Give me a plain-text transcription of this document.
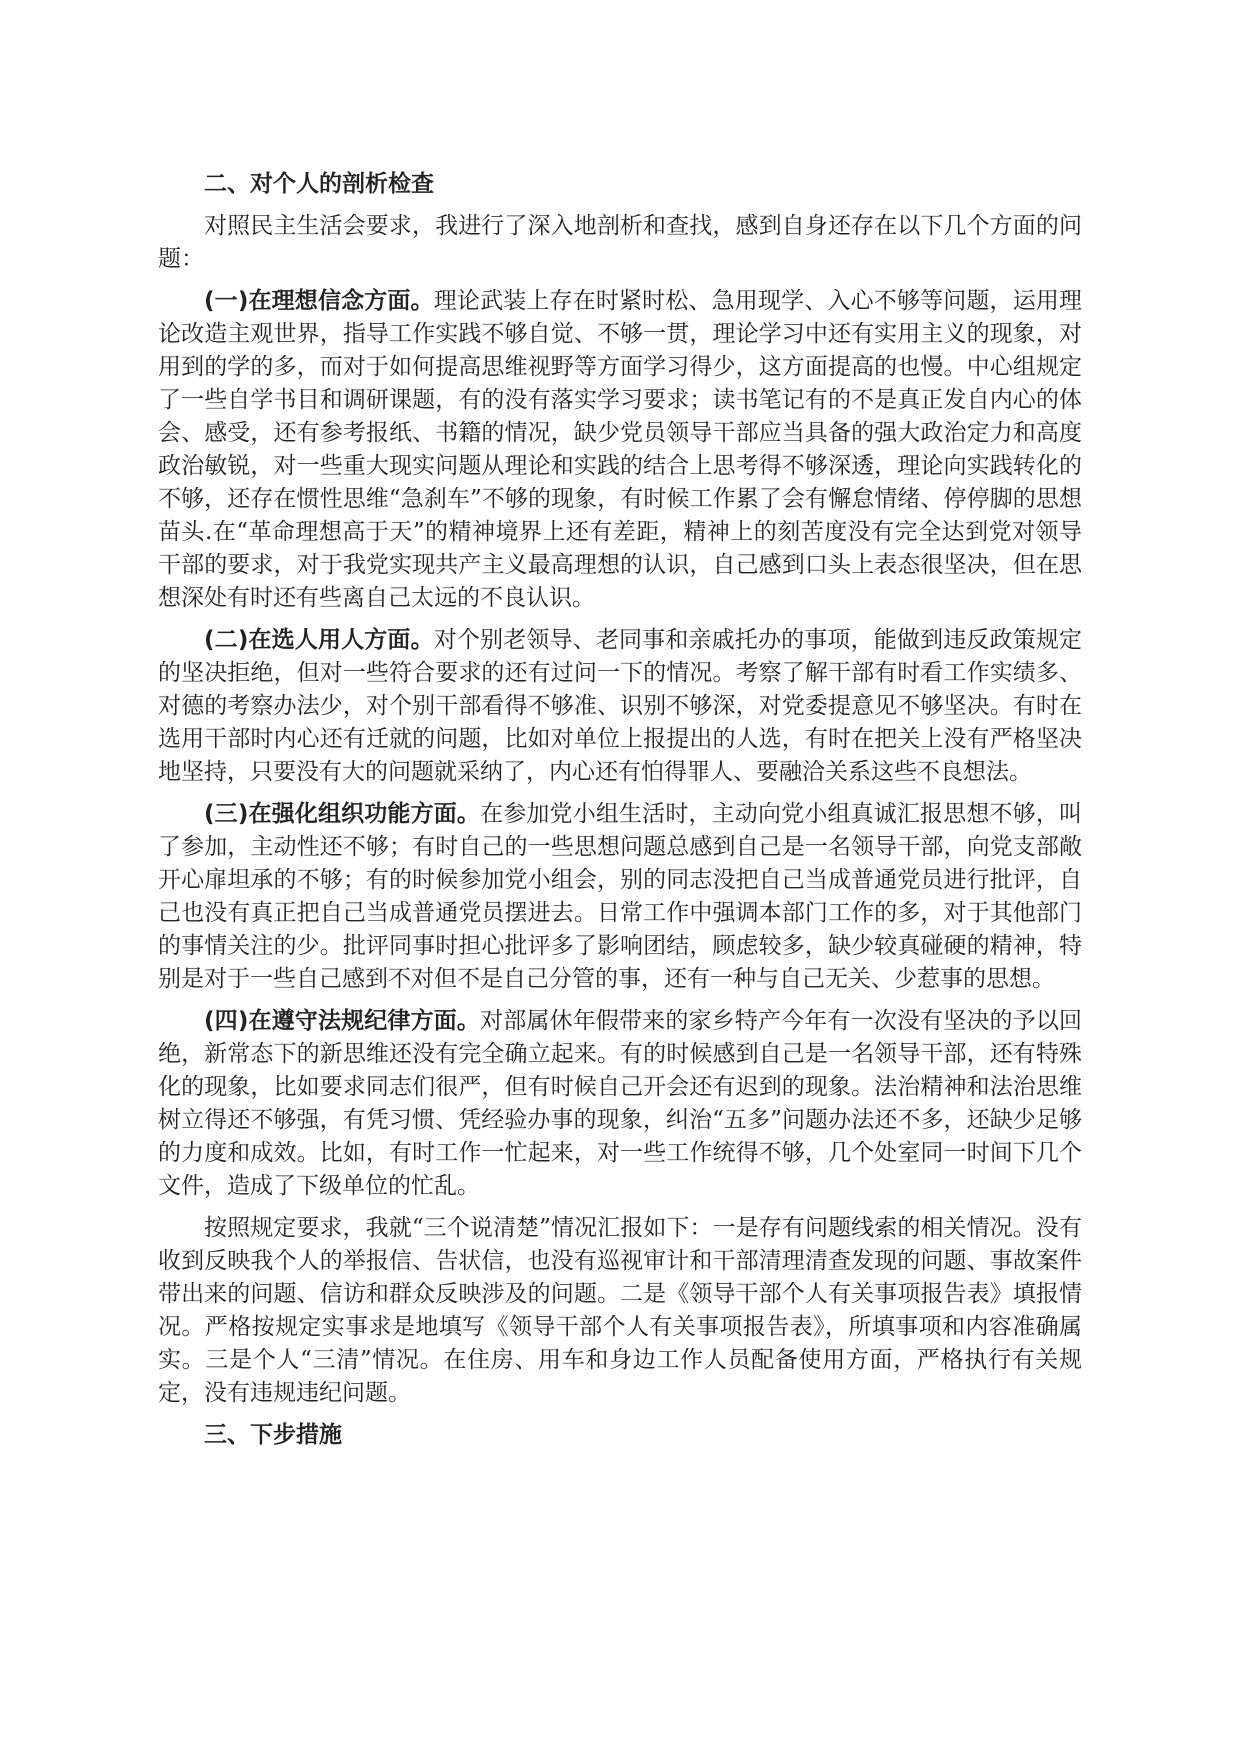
二、对个人的剖析检查

对照民主生活会要求，我进行了深入地剖析和查找，感到自身还存在以下几个方面的问题：

(一)在理想信念方面。理论武装上存在时紧时松、急用现学、入心不够等问题，运用理论改造主观世界，指导工作实践不够自觉、不够一贯，理论学习中还有实用主义的现象，对用到的学的多，而对于如何提高思维视野等方面学习得少，这方面提高的也慢。中心组规定了一些自学书目和调研课题，有的没有落实学习要求；读书笔记有的不是真正发自内心的体会、感受，还有参考报纸、书籍的情况，缺少党员领导干部应当具备的强大政治定力和高度政治敏锐，对一些重大现实问题从理论和实践的结合上思考得不够深透，理论向实践转化的不够，还存在惯性思维“急刹车”不够的现象，有时候工作累了会有懈怠情绪、停停脚的思想苗头.在“革命理想高于天”的精神境界上还有差距，精神上的刻苦度没有完全达到党对领导干部的要求，对于我党实现共产主义最高理想的认识，自己感到口头上表态很坚决，但在思想深处有时还有些离自己太远的不良认识。

(二)在选人用人方面。对个别老领导、老同事和亲戚托办的事项，能做到违反政策规定的坚决拒绝，但对一些符合要求的还有过问一下的情况。考察了解干部有时看工作实绩多、对德的考察办法少，对个别干部看得不够准、识别不够深，对党委提意见不够坚决。有时在选用干部时内心还有迁就的问题，比如对单位上报提出的人选，有时在把关上没有严格坚决地坚持，只要没有大的问题就采纳了，内心还有怕得罪人、要融洽关系这些不良想法。

(三)在强化组织功能方面。在参加党小组生活时，主动向党小组真诚汇报思想不够，叫了参加，主动性还不够；有时自己的一些思想问题总感到自己是一名领导干部，向党支部敞开心扉坦承的不够；有的时候参加党小组会，别的同志没把自己当成普通党员进行批评，自己也没有真正把自己当成普通党员摆进去。日常工作中强调本部门工作的多，对于其他部门的事情关注的少。批评同事时担心批评多了影响团结，顾虑较多，缺少较真碰硬的精神，特别是对于一些自己感到不对但不是自己分管的事，还有一种与自己无关、少惹事的思想。

(四)在遵守法规纪律方面。对部属休年假带来的家乡特产今年有一次没有坚决的予以回绝，新常态下的新思维还没有完全确立起来。有的时候感到自己是一名领导干部，还有特殊化的现象，比如要求同志们很严，但有时候自己开会还有迟到的现象。法治精神和法治思维树立得还不够强，有凭习惯、凭经验办事的现象，纠治“五多”问题办法还不多，还缺少足够的力度和成效。比如，有时工作一忙起来，对一些工作统得不够，几个处室同一时间下几个文件，造成了下级单位的忙乱。

按照规定要求，我就“三个说清楚”情况汇报如下：一是存有问题线索的相关情况。没有收到反映我个人的举报信、告状信，也没有巡视审计和干部清理清查发现的问题、事故案件带出来的问题、信访和群众反映涉及的问题。二是《领导干部个人有关事项报告表》填报情况。严格按规定实事求是地填写《领导干部个人有关事项报告表》，所填事项和内容准确属实。三是个人“三清”情况。在住房、用车和身边工作人员配备使用方面，严格执行有关规定，没有违规违纪问题。

三、下步措施
